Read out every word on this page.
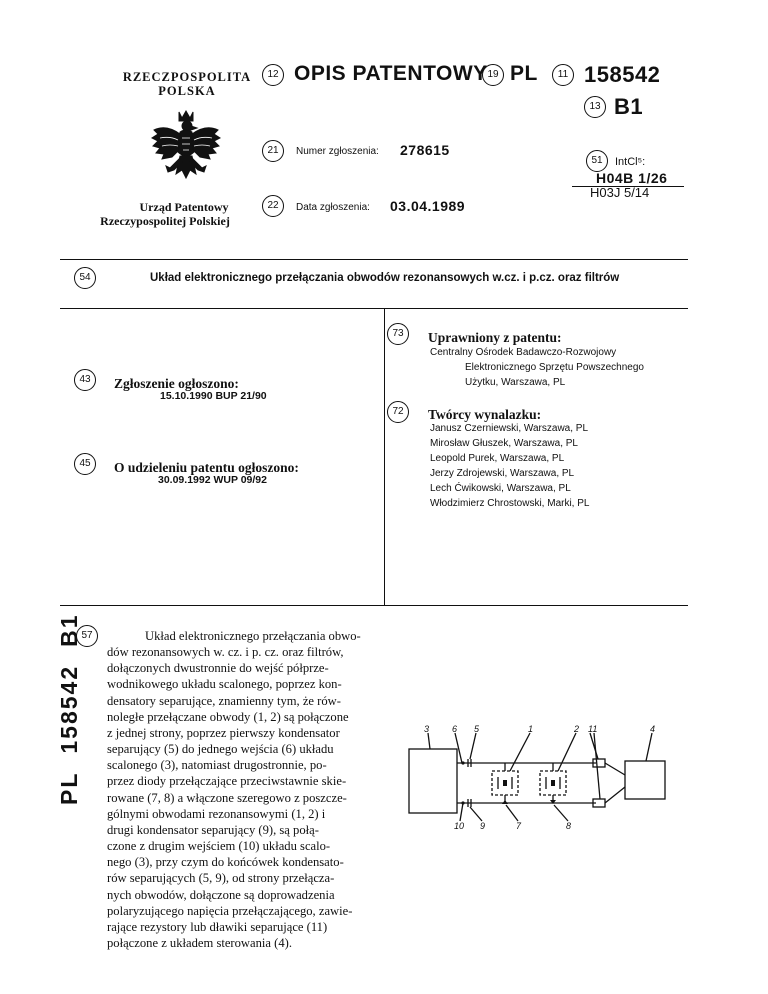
RZECZPOSPOLITA
POLSKA
Urząd Patentowy
Rzeczypospolitej Polskiej
12 OPIS PATENTOWY 19 PL	11 158542
13 B1
21	Numer zgłoszenia: 278615
22	Data zgłoszenia: 03.04.1989
51	IntCl⁵:
H04B 1/26
H03J 5/14
54	Układ elektronicznego przełączania obwodów rezonansowych w.cz. i p.cz. oraz filtrów
43	Zgłoszenie ogłoszono:
15.10.1990 BUP 21/90
45	O udzieleniu patentu ogłoszono:
30.09.1992 WUP 09/92
73	Uprawniony z patentu:
Centralny Ośrodek Badawczo-Rozwojowy
Elektronicznego Sprzętu Powszechnego
Użytku, Warszawa, PL
72	Twórcy wynalazku:
Janusz Czerniewski, Warszawa, PL
Mirosław Głuszek, Warszawa, PL
Leopold Purek, Warszawa, PL
Jerzy Zdrojewski, Warszawa, PL
Lech Ćwikowski, Warszawa, PL
Włodzimierz Chrostowski, Marki, PL
57	Układ elektronicznego przełączania obwo-
dów rezonansowych w. cz. i p. cz. oraz filtrów,
dołączonych dwustronnie do wejść półprze-
wodnikowego układu scalonego, poprzez kon-
densatory separujące, znamienny tym, że rów-
noległe przełączane obwody (1, 2) są połączone
z jednej strony, poprzez pierwszy kondensator
separujący (5) do jednego wejścia (6) układu
scalonego (3), natomiast drugostronnie, po-
przez diody przełączające przeciwstawnie skie-
rowane (7, 8) a włączone szeregowo z poszcze-
gólnymi obwodami rezonansowymi (1, 2) i
drugi kondensator separujący (9), są połą-
czone z drugim wejściem (10) układu scalo-
nego (3), przy czym do końcówek kondensato-
rów separujących (5, 9), od strony przełącza-
nych obwodów, dołączone są doprowadzenia
polaryzującego napięcia przełączającego, zawie-
rające rezystory lub dławiki separujące (11)
połączone z układem sterowania (4).
PL158542B1
3	6 5	1	2 11	4
10 9	7	8
